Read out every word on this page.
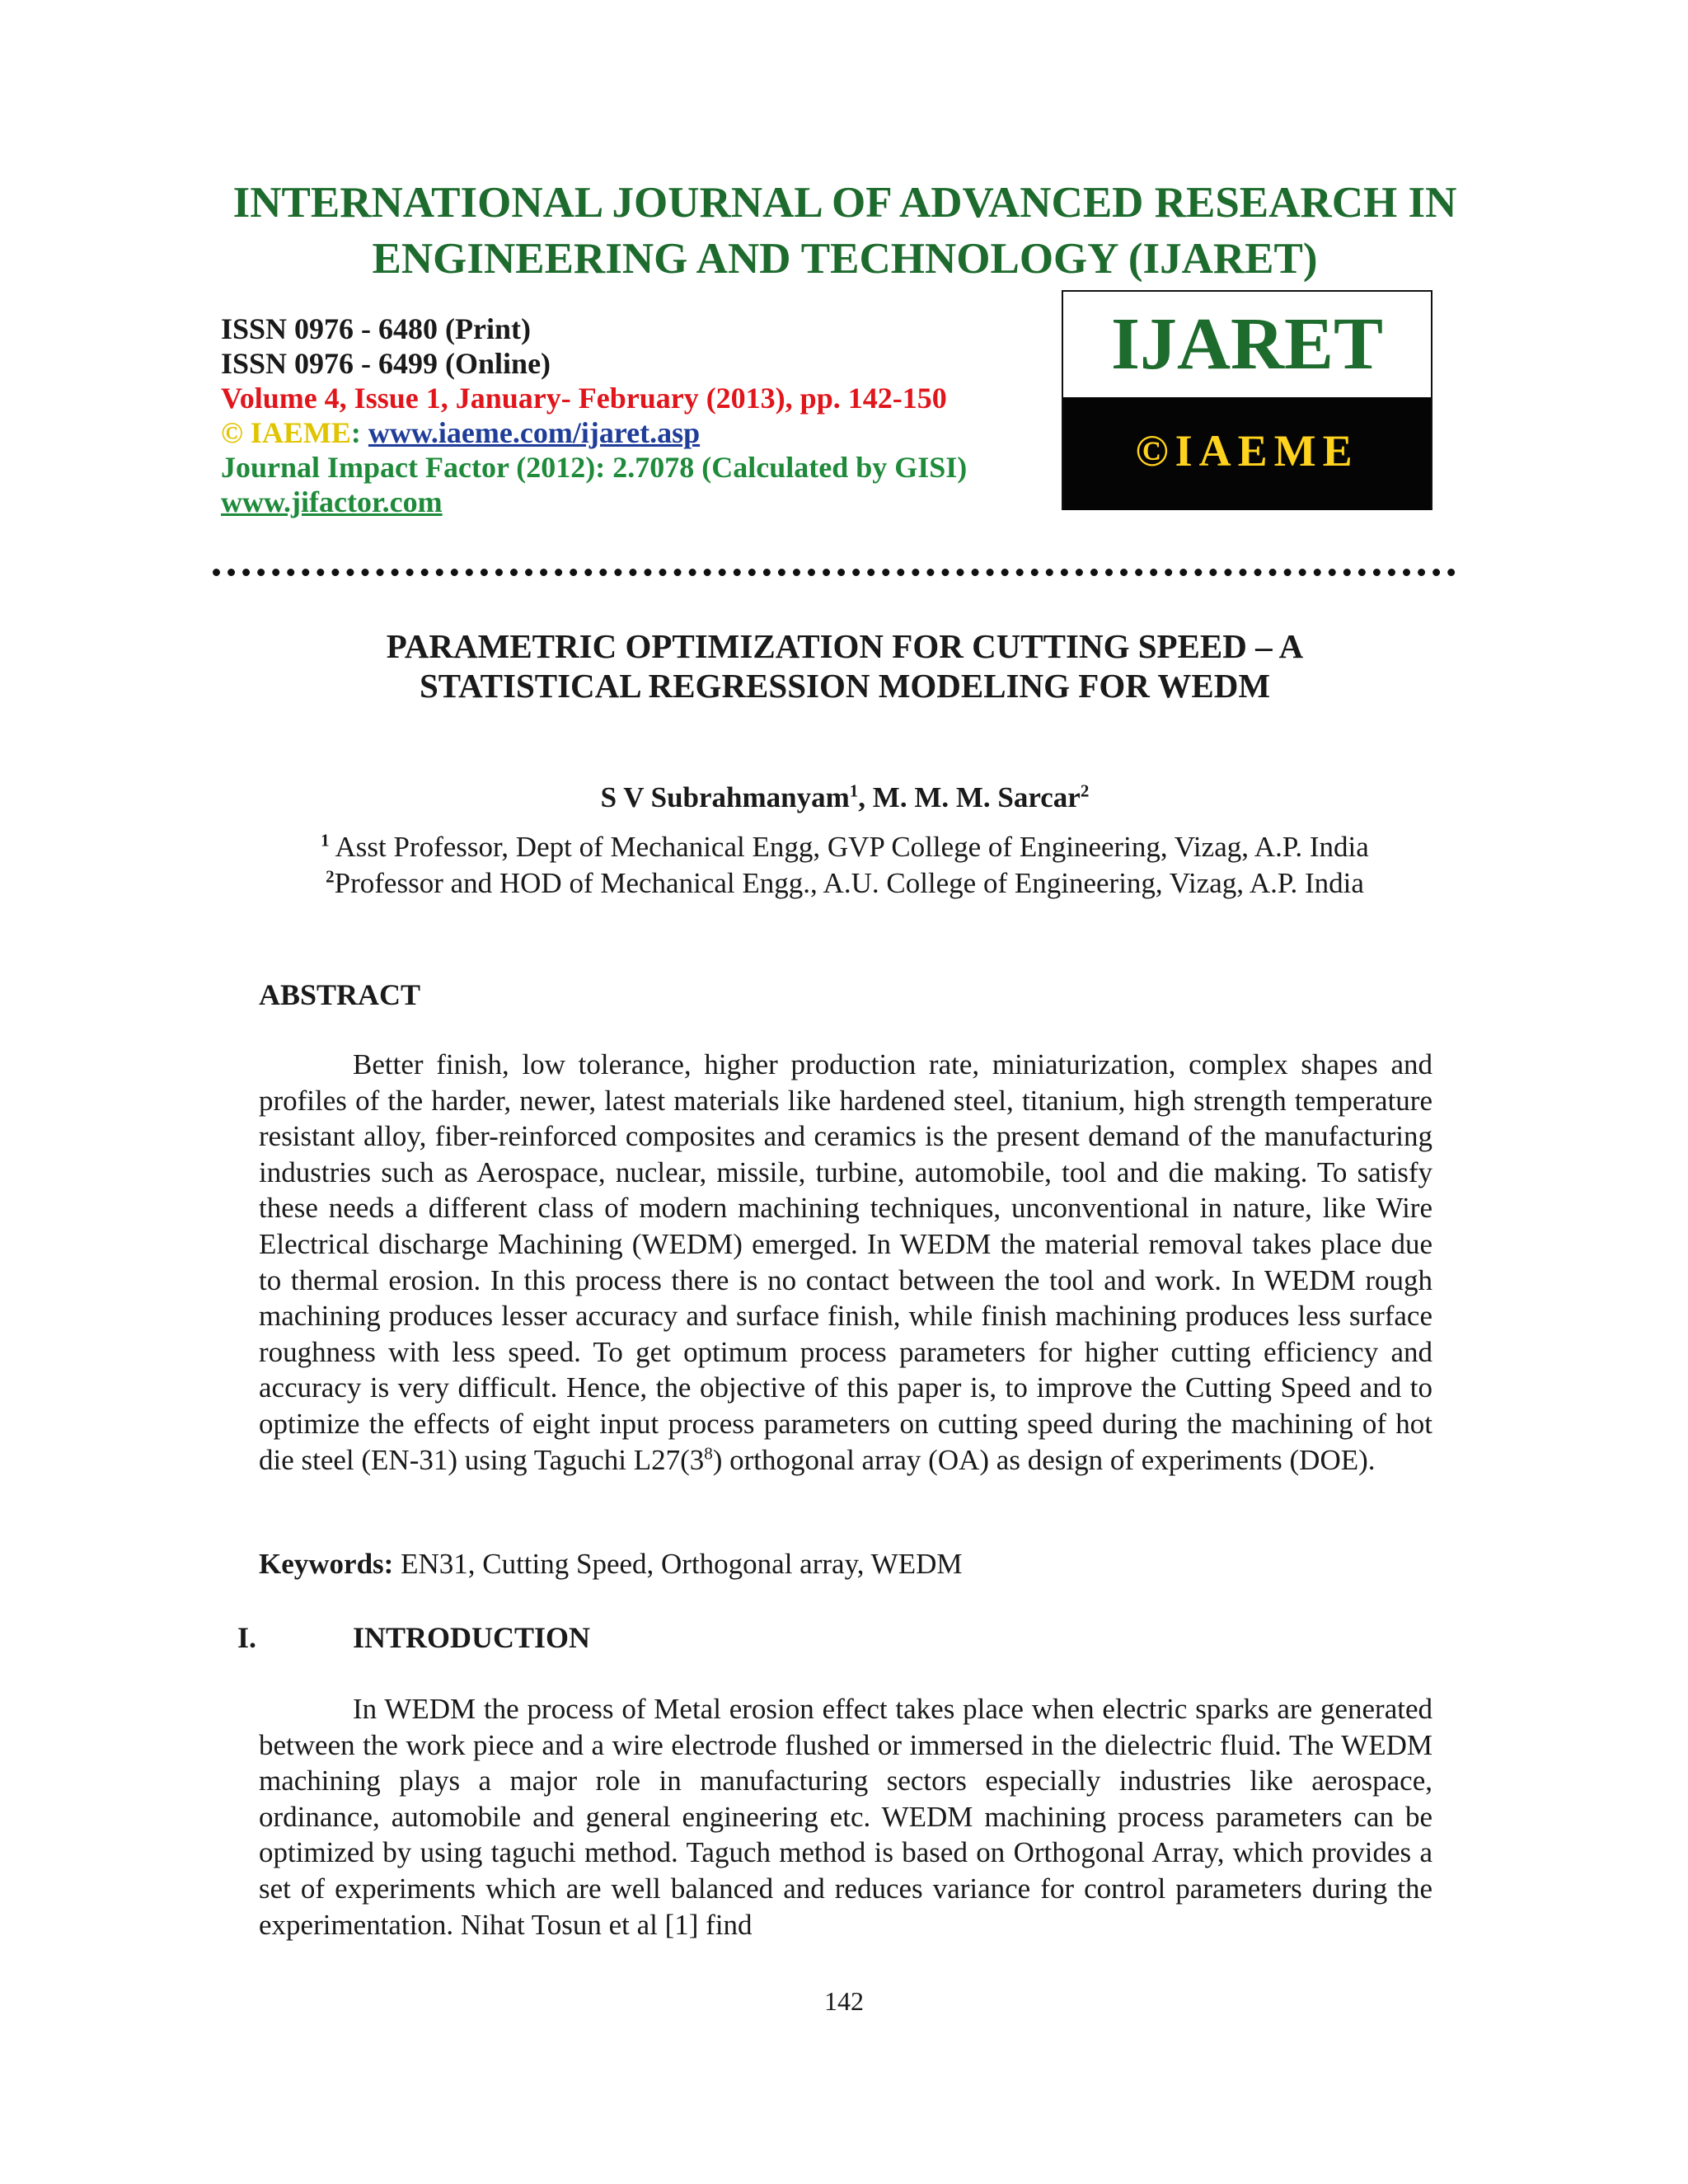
INTERNATIONAL JOURNAL OF ADVANCED RESEARCH IN
ENGINEERING AND TECHNOLOGY (IJARET)
ISSN 0976 - 6480 (Print)
ISSN 0976 - 6499 (Online)
Volume 4, Issue 1, January- February (2013), pp. 142-150
© IAEME: www.iaeme.com/ijaret.asp
Journal Impact Factor (2012): 2.7078 (Calculated by GISI)
www.jifactor.com
IJARET
©IAEME
PARAMETRIC OPTIMIZATION FOR CUTTING SPEED – A
STATISTICAL REGRESSION MODELING FOR WEDM
S V Subrahmanyam$^1$, M. M. M. Sarcar$^2$
$^1$ Asst Professor, Dept of Mechanical Engg, GVP College of Engineering, Vizag, A.P. India
$^2$Professor and HOD of Mechanical Engg., A.U. College of Engineering, Vizag, A.P. India
ABSTRACT
Better finish, low tolerance, higher production rate, miniaturization, complex shapes and profiles of the harder, newer, latest materials like hardened steel, titanium, high strength temperature resistant alloy, fiber-reinforced composites and ceramics is the present demand of the manufacturing industries such as Aerospace, nuclear, missile, turbine, automobile, tool and die making. To satisfy these needs a different class of modern machining techniques, unconventional in nature, like Wire Electrical discharge Machining (WEDM) emerged. In WEDM the material removal takes place due to thermal erosion. In this process there is no contact between the tool and work. In WEDM rough machining produces lesser accuracy and surface finish, while finish machining produces less surface roughness with less speed. To get optimum process parameters for higher cutting efficiency and accuracy is very difficult. Hence, the objective of this paper is, to improve the Cutting Speed and to optimize the effects of eight input process parameters on cutting speed during the machining of hot die steel (EN-31) using Taguchi $L27(3^8)$ orthogonal array (OA) as design of experiments (DOE).
Keywords: EN31, Cutting Speed, Orthogonal array, WEDM
I.	INTRODUCTION
In WEDM the process of Metal erosion effect takes place when electric sparks are generated between the work piece and a wire electrode flushed or immersed in the dielectric fluid. The WEDM machining plays a major role in manufacturing sectors especially industries like aerospace, ordinance, automobile and general engineering etc. WEDM machining process parameters can be optimized by using taguchi method. Taguch method is based on Orthogonal Array, which provides a set of experiments which are well balanced and reduces variance for control parameters during the experimentation. Nihat Tosun et al [1] find
142
